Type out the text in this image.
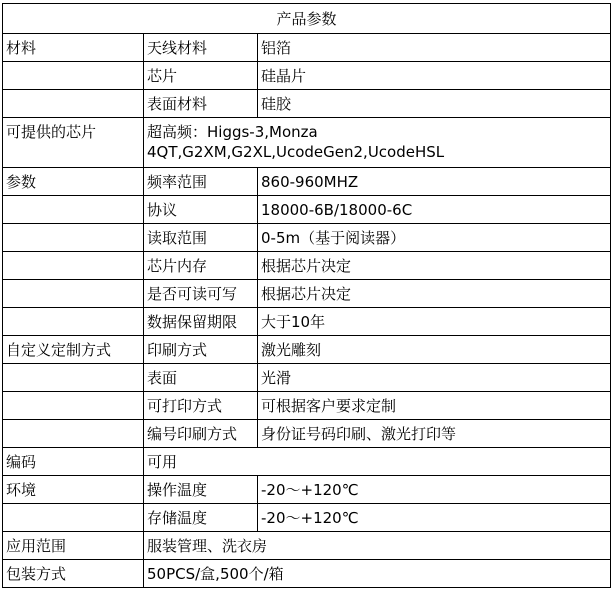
产品参数		
材料	天线材料	铝箔
	芯片	硅晶片
	表面材料	硅胶
可提供的芯片	超高频：Higgs-3,Monza 4QT,G2XM,G2XL,UcodeGen2,UcodeHSL	
参数	频率范围	860-960MHZ
	协议	18000-6B/18000-6C
	读取范围	0-5m（基于阅读器）
	芯片内存	根据芯片决定
	是否可读可写	根据芯片决定
	数据保留期限	大于10年
自定义定制方式	印刷方式	激光雕刻
	表面	光滑
	可打印方式	可根据客户要求定制
	编号印刷方式	身份证号码印刷、激光打印等
编码	可用	
环境	操作温度	-20～+120℃
	存储温度	-20～+120℃
应用范围	服装管理、洗衣房	
包装方式	50PCS/盒,500个/箱	
